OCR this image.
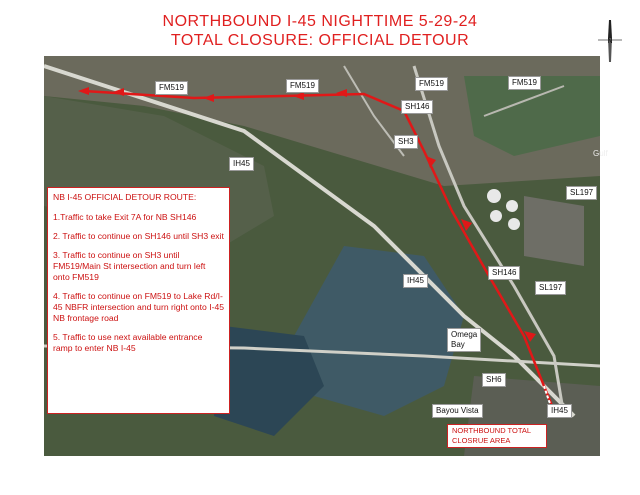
NORTHBOUND I-45 NIGHTTIME 5-29-24
TOTAL CLOSURE: OFFICIAL DETOUR	N
FM519	FM519	FM519	FM519
SH146
SH3
IH45
SL197
Gulf
IH45
SH146
SL197
Omega
Bay
SH6
Bayou Vista	IH45

NB I-45 OFFICIAL DETOUR ROUTE:

1.Traffic to take Exit 7A for NB SH146

2. Traffic to continue on SH146 until SH3 exit

3. Traffic to continue on SH3 until FM519/Main St intersection and turn left onto FM519

4. Traffic to continue on FM519 to Lake Rd/I-45 NBFR intersection and turn right onto I-45 NB frontage road

5. Traffic to use next available entrance ramp to enter NB I-45

NORTHBOUND TOTAL CLOSRUE AREA
